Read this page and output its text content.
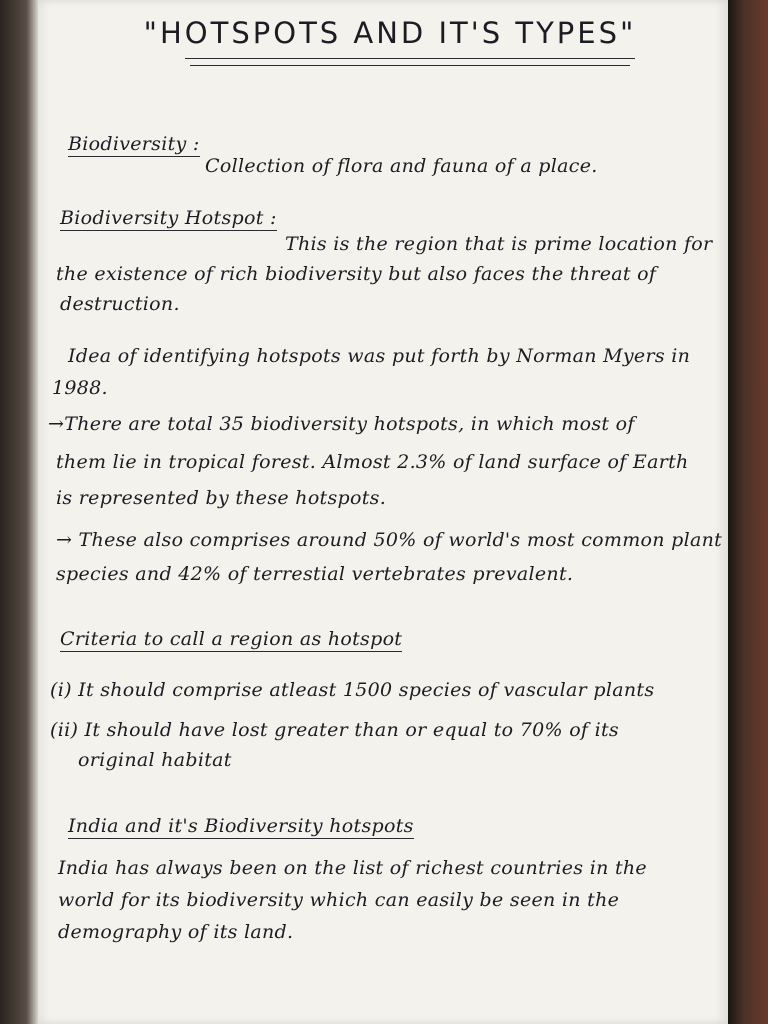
"HOTSPOTS AND IT'S TYPES"
Biodiversity :
Collection of flora and fauna of a place.
Biodiversity Hotspot :
This is the region that is prime location for
the existence of rich biodiversity but also faces the threat of
destruction.
Idea of identifying hotspots was put forth by Norman Myers in
1988.
→There are total 35 biodiversity hotspots, in which most of
them lie in tropical forest. Almost 2.3% of land surface of Earth
is represented by these hotspots.
→ These also comprises around 50% of world's most common plant
species and 42% of terrestial vertebrates prevalent.
Criteria to call a region as hotspot
(i) It should comprise atleast 1500 species of vascular plants
(ii) It should have lost greater than or equal to 70% of its
original habitat
India and it's Biodiversity hotspots
India has always been on the list of richest countries in the
world for its biodiversity which can easily be seen in the
demography of its land.
